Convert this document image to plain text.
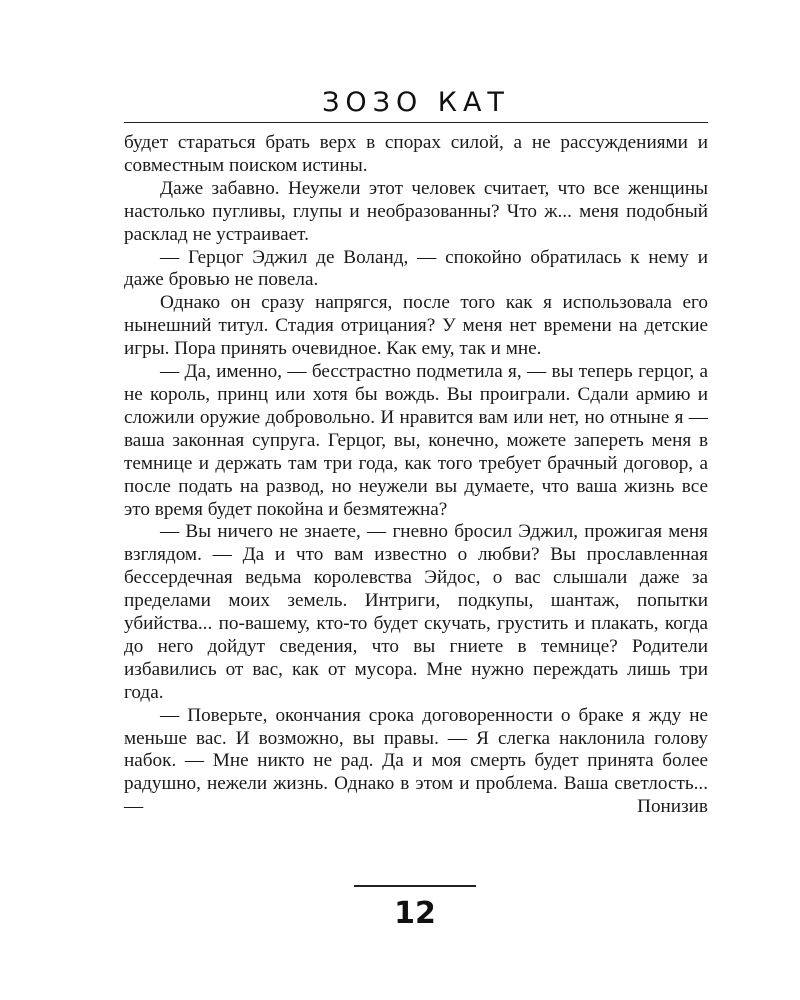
ЗОЗО КАТ

будет стараться брать верх в спорах силой, а не рассуждениями и совместным поиском истины.

Даже забавно. Неужели этот человек считает, что все женщины настолько пугливы, глупы и необразованны? Что ж... меня подобный расклад не устраивает.

— Герцог Эджил де Воланд, — спокойно обратилась к нему и даже бровью не повела.

Однако он сразу напрягся, после того как я использовала его нынешний титул. Стадия отрицания? У меня нет времени на детские игры. Пора принять очевидное. Как ему, так и мне.

— Да, именно, — бесстрастно подметила я, — вы теперь герцог, а не король, принц или хотя бы вождь. Вы проиграли. Сдали армию и сложили оружие добровольно. И нравится вам или нет, но отныне я — ваша законная супруга. Герцог, вы, конечно, можете запереть меня в темнице и держать там три года, как того требует брачный договор, а после подать на развод, но неужели вы думаете, что ваша жизнь все это время будет покойна и безмятежна?

— Вы ничего не знаете, — гневно бросил Эджил, прожигая меня взглядом. — Да и что вам известно о любви? Вы прославленная бессердечная ведьма королевства Эйдос, о вас слышали даже за пределами моих земель. Интриги, подкупы, шантаж, попытки убийства... по-вашему, кто-то будет скучать, грустить и плакать, когда до него дойдут сведения, что вы гниете в темнице? Родители избавились от вас, как от мусора. Мне нужно переждать лишь три года.

— Поверьте, окончания срока договоренности о браке я жду не меньше вас. И возможно, вы правы. — Я слегка наклонила голову набок. — Мне никто не рад. Да и моя смерть будет принята более радушно, нежели жизнь. Однако в этом и проблема. Ваша светлость... — Понизив

12
